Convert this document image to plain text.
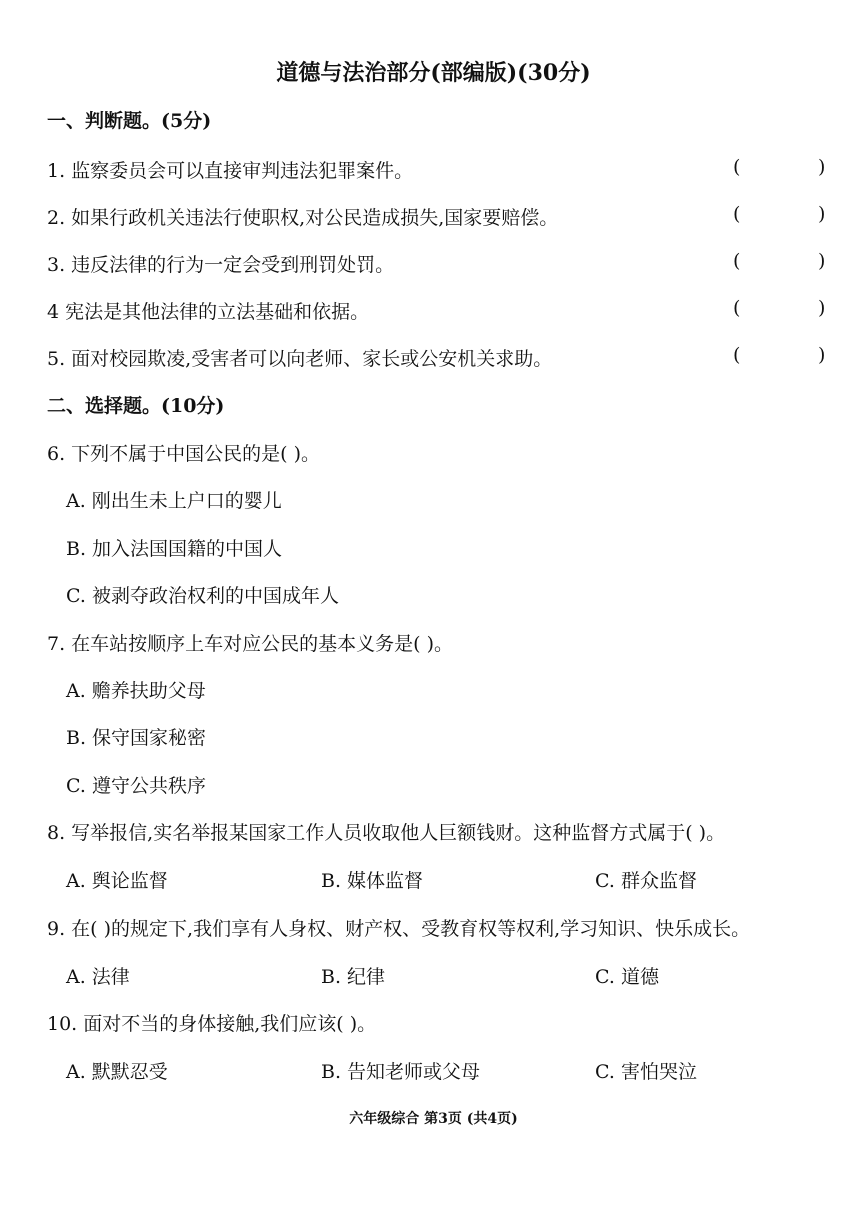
道德与法治部分(部编版)(30分)
一、判断题。(5分)
1. 监察委员会可以直接审判违法犯罪案件。	(	)
2. 如果行政机关违法行使职权,对公民造成损失,国家要赔偿。	(	)
3. 违反法律的行为一定会受到刑罚处罚。	(	)
4 宪法是其他法律的立法基础和依据。	(	)
5. 面对校园欺凌,受害者可以向老师、家长或公安机关求助。	(	)
二、选择题。(10分)
6. 下列不属于中国公民的是( )。
A. 刚出生未上户口的婴儿
B. 加入法国国籍的中国人
C. 被剥夺政治权利的中国成年人
7. 在车站按顺序上车对应公民的基本义务是( )。
A. 赡养扶助父母
B. 保守国家秘密
C. 遵守公共秩序
8. 写举报信,实名举报某国家工作人员收取他人巨额钱财。这种监督方式属于( )。
A. 舆论监督	B. 媒体监督	C. 群众监督
9. 在( )的规定下,我们享有人身权、财产权、受教育权等权利,学习知识、快乐成长。
A. 法律	B. 纪律	C. 道德
10. 面对不当的身体接触,我们应该( )。
A. 默默忍受	B. 告知老师或父母	C. 害怕哭泣
六年级综合 第3页 (共4页)
